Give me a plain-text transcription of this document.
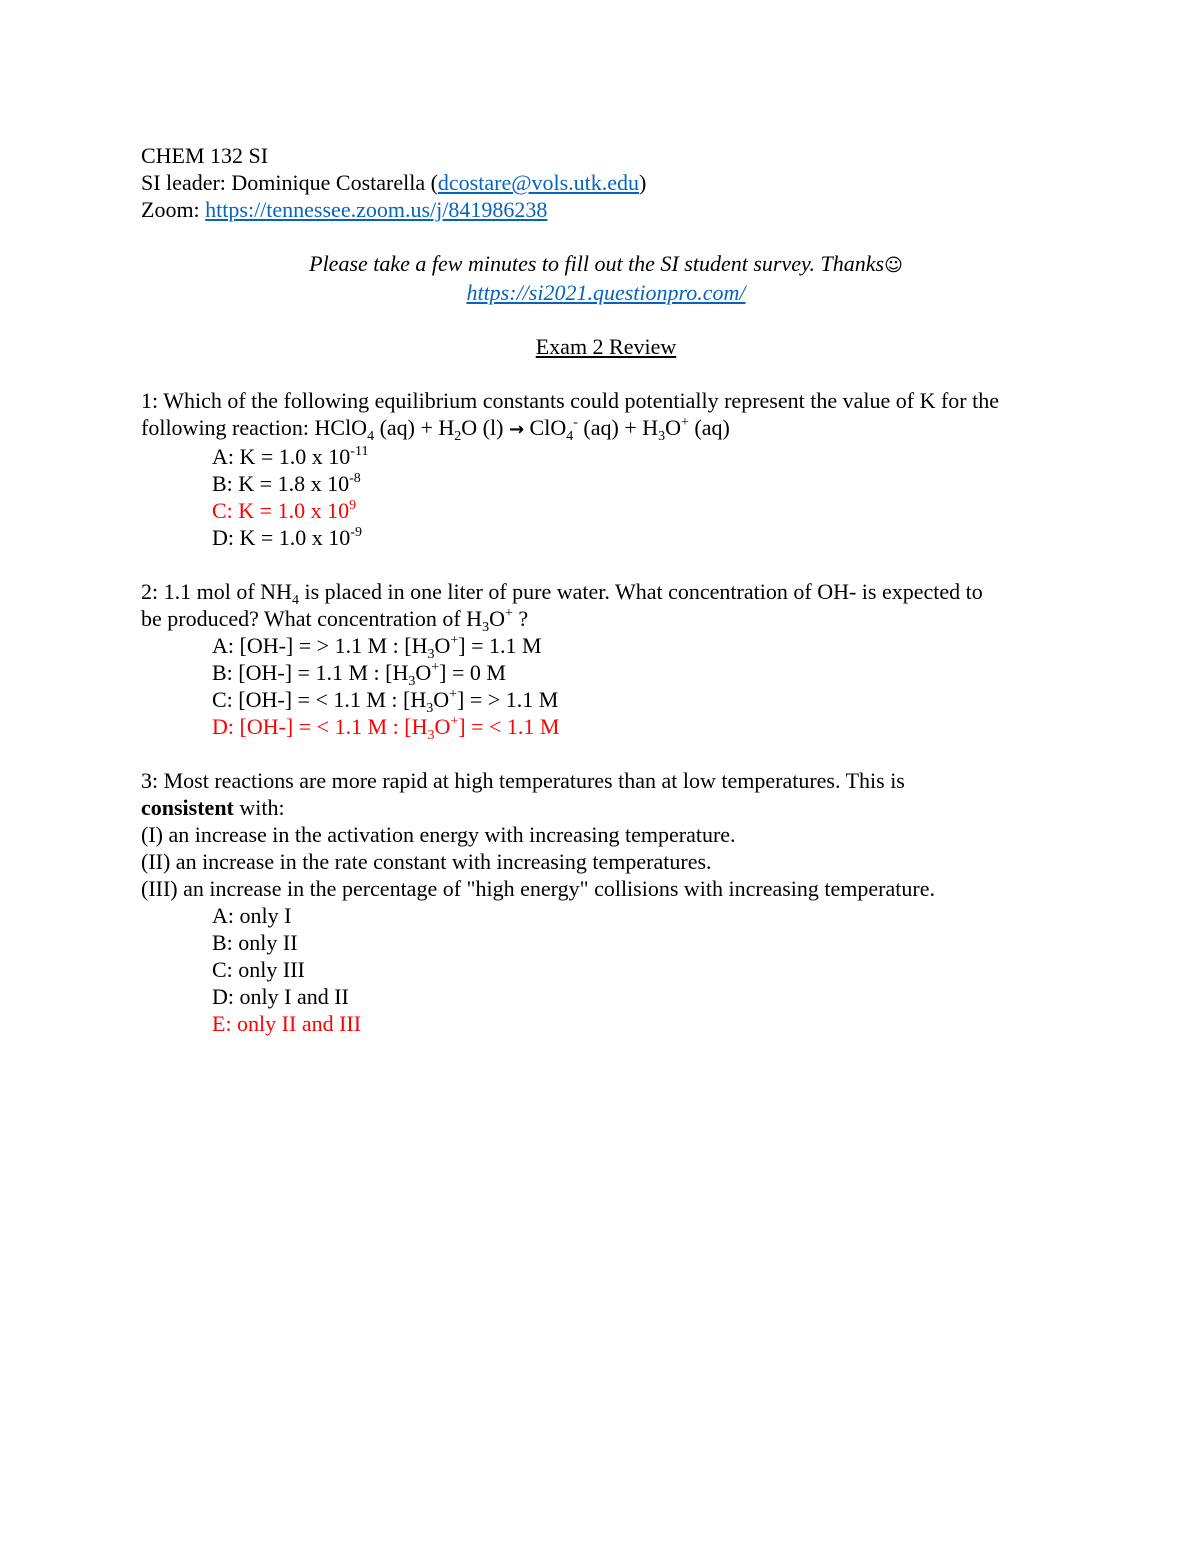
CHEM 132 SI
SI leader: Dominique Costarella (dcostare@vols.utk.edu)
Zoom: https://tennessee.zoom.us/j/841986238
Please take a few minutes to fill out the SI student survey. Thanks☺
https://si2021.questionpro.com/
Exam 2 Review
1: Which of the following equilibrium constants could potentially represent the value of K for the
following reaction: HClO$_4$ $(aq) + H_2O$ (l) → ClO$_4$- $(aq) + H_3O^+$ (aq)
A: K = 1.0 x $10^{-11}$
B: K = 1.8 x $10^{-8}$
C: K = 1.0 x $10^9$
D: K = 1.0 x $10^{-9}$
2: 1.1 mol of $NH_4$ is placed in one liter of pure water. What concentration of OH- is expected to
be produced? What concentration of $H_3O^+$ ?
A: [OH-] = > 1.1 M : $[H_3O^+] = 1.1$ M
B: [OH-] = 1.1 M : $[H_3O^+] = 0$ M
C: [OH-] = < 1.1 M : $[H_3O^+]$ = > 1.1 M
D: [OH-] = < 1.1 M : $[H_3O^+]$ = < 1.1 M
3: Most reactions are more rapid at high temperatures than at low temperatures. This is
consistent with:
(I) an increase in the activation energy with increasing temperature.
(II) an increase in the rate constant with increasing temperatures.
(III) an increase in the percentage of "high energy" collisions with increasing temperature.
A: only I
B: only II
C: only III
D: only I and II
E: only II and III
